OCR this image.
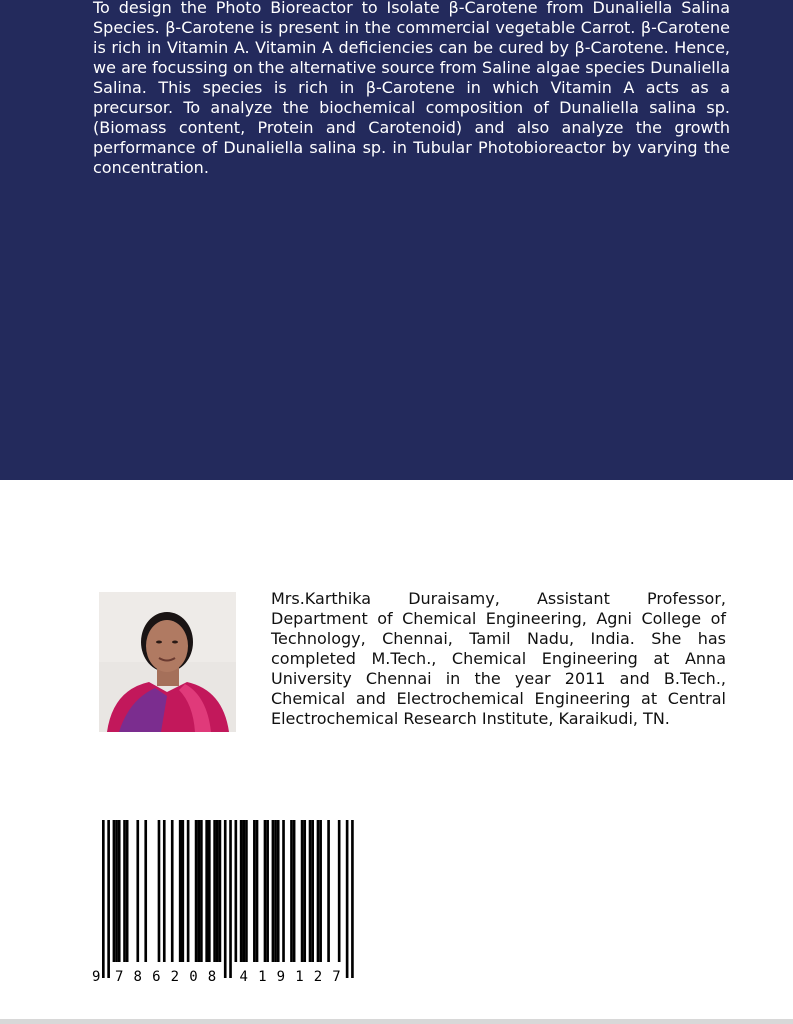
To design the Photo Bioreactor to Isolate β-Carotene from Dunaliella Salina Species. β-Carotene is present in the commercial vegetable Carrot. β-Carotene is rich in Vitamin A. Vitamin A deficiencies can be cured by β-Carotene. Hence, we are focussing on the alternative source from Saline algae species Dunaliella Salina. This species is rich in β-Carotene in which Vitamin A acts as a precursor. To analyze the biochemical composition of Dunaliella salina sp. (Biomass content, Protein and Carotenoid) and also analyze the growth performance of Dunaliella salina sp. in Tubular Photobioreactor by varying the concentration.

Mrs.Karthika Duraisamy, Assistant Professor, Department of Chemical Engineering, Agni College of Technology, Chennai, Tamil Nadu, India. She has completed M.Tech., Chemical Engineering at Anna University Chennai in the year 2011 and B.Tech., Chemical and Electrochemical Engineering at Central Electrochemical Research Institute, Karaikudi, TN.

9 7 8 6 2 0 8 4 1 9 1 2 7
